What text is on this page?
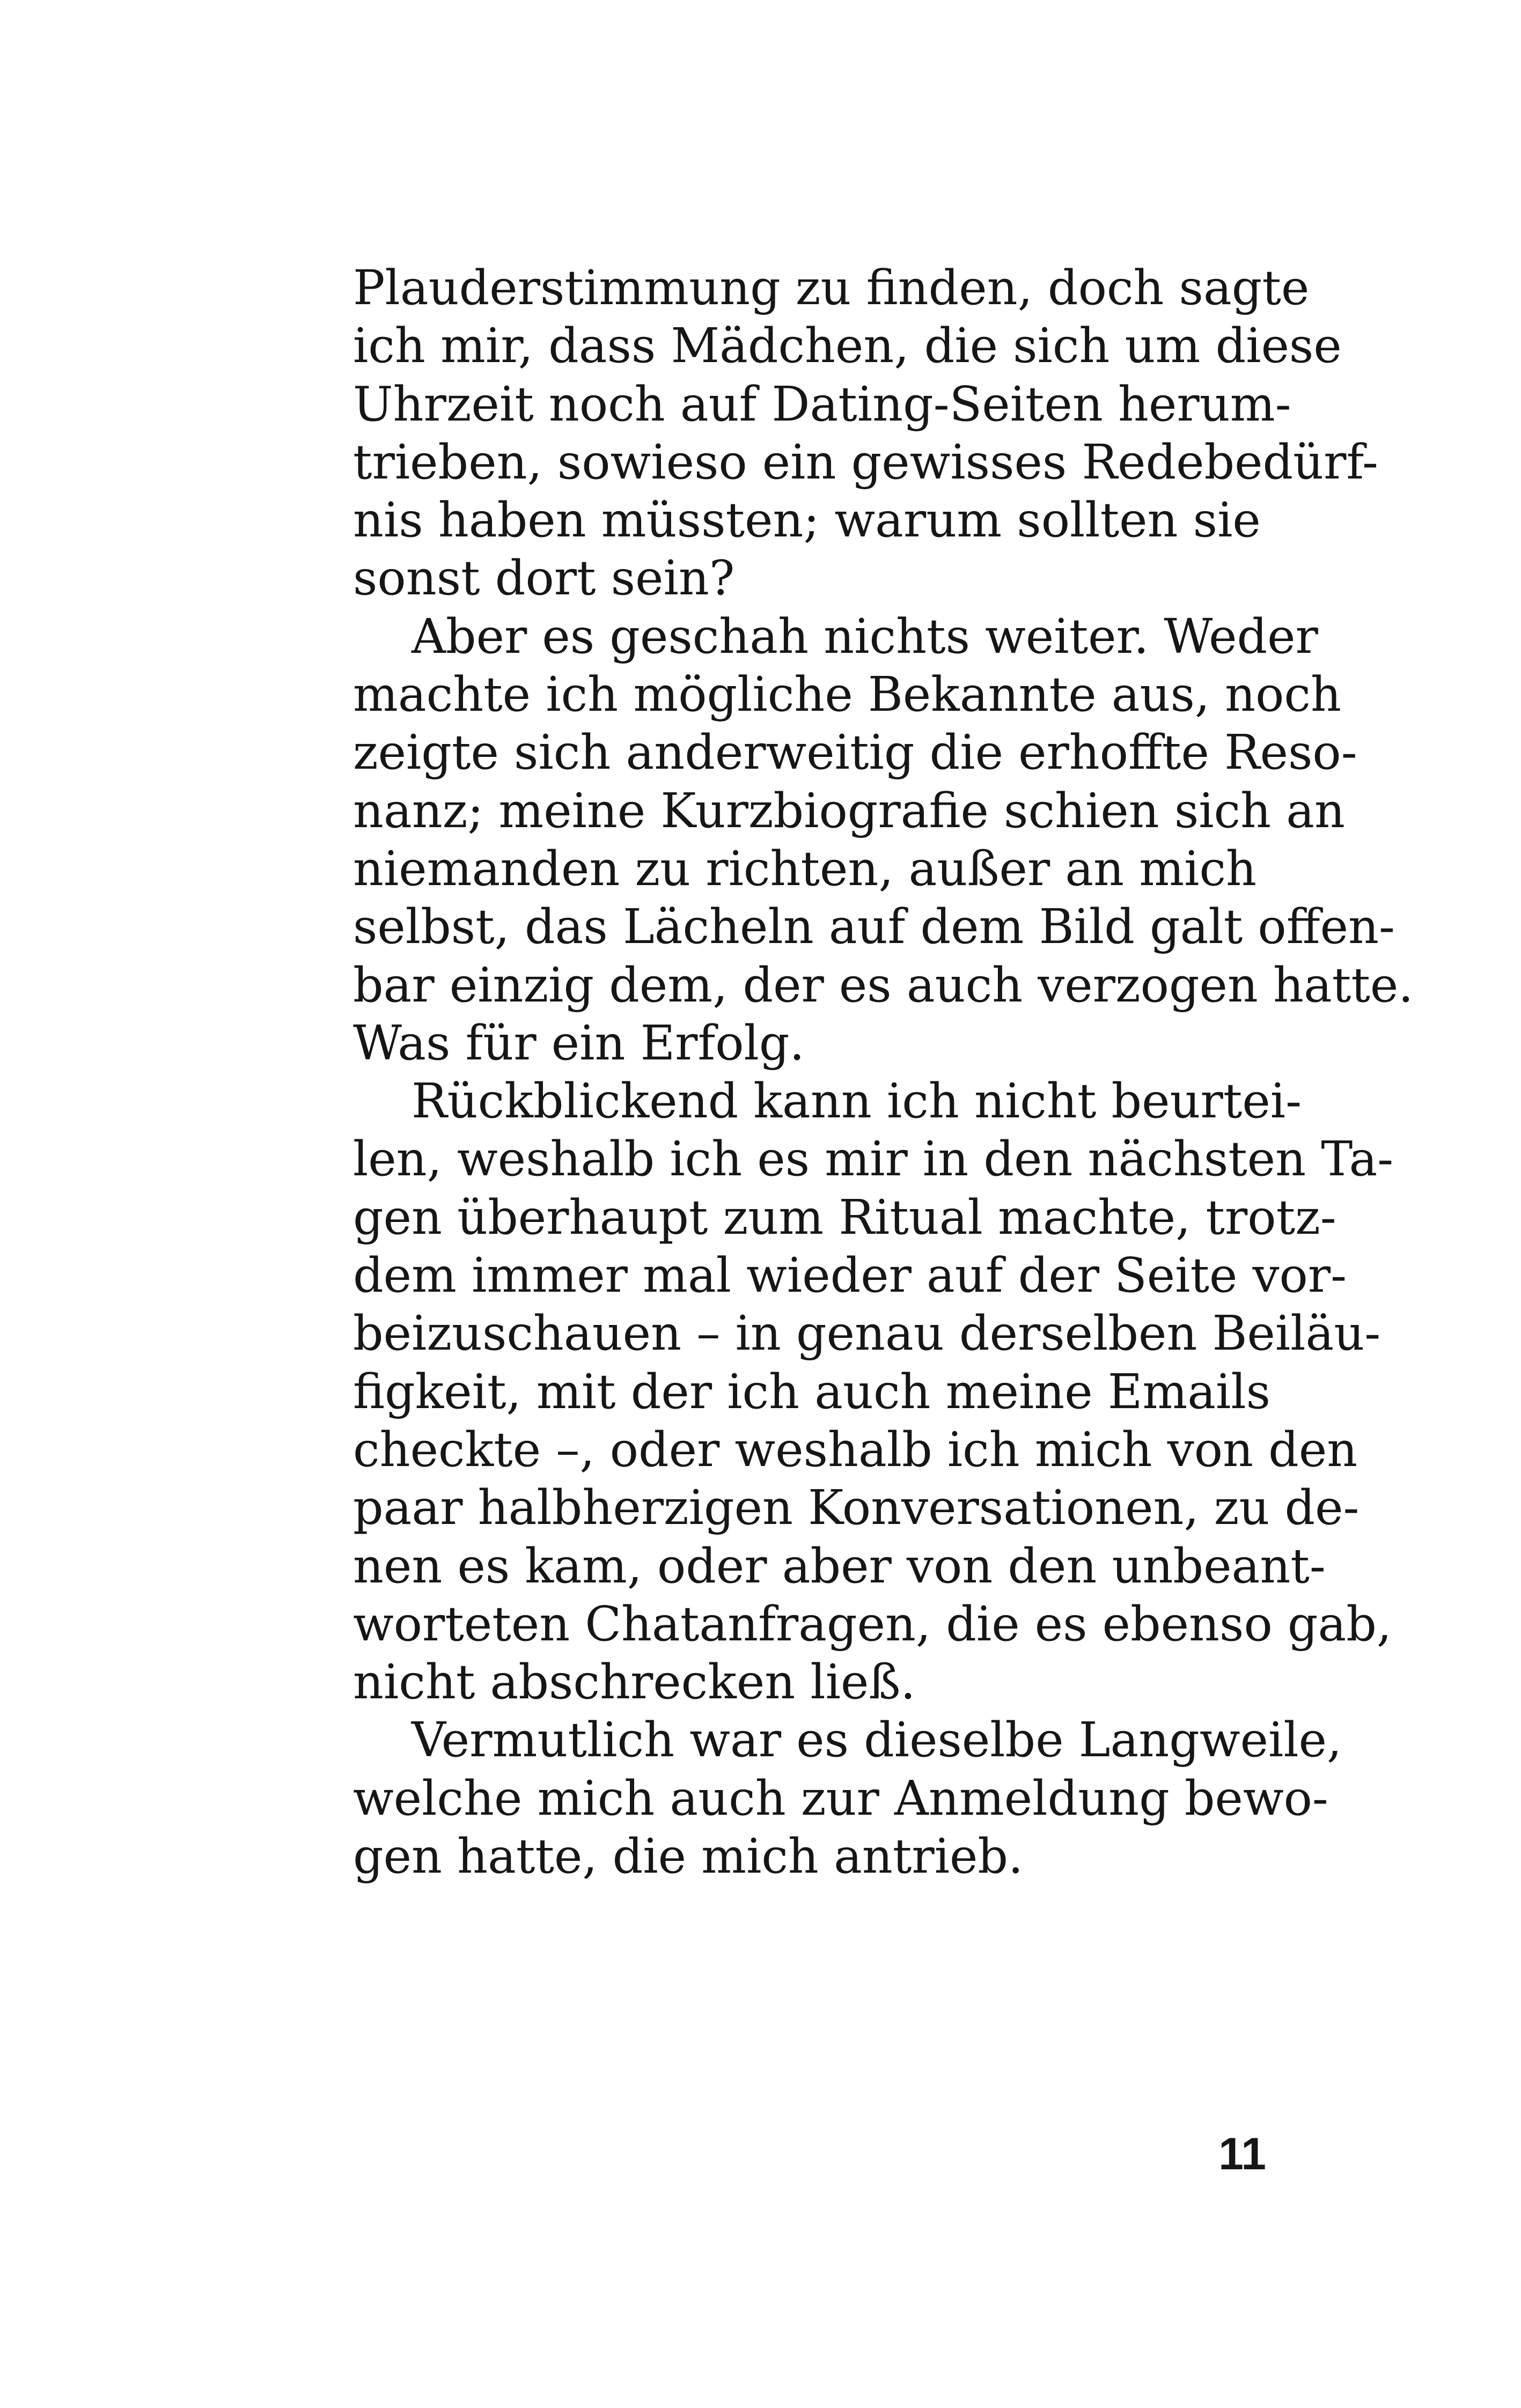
Plauderstimmung zu finden, doch sagte
ich mir, dass Mädchen, die sich um diese
Uhrzeit noch auf Dating-Seiten herum-
trieben, sowieso ein gewisses Redebedürf-
nis haben müssten; warum sollten sie
sonst dort sein?
Aber es geschah nichts weiter. Weder
machte ich mögliche Bekannte aus, noch
zeigte sich anderweitig die erhoffte Reso-
nanz; meine Kurzbiografie schien sich an
niemanden zu richten, außer an mich
selbst, das Lächeln auf dem Bild galt offen-
bar einzig dem, der es auch verzogen hatte.
Was für ein Erfolg.
Rückblickend kann ich nicht beurtei-
len, weshalb ich es mir in den nächsten Ta-
gen überhaupt zum Ritual machte, trotz-
dem immer mal wieder auf der Seite vor-
beizuschauen – in genau derselben Beiläu-
figkeit, mit der ich auch meine Emails
checkte –, oder weshalb ich mich von den
paar halbherzigen Konversationen, zu de-
nen es kam, oder aber von den unbeant-
worteten Chatanfragen, die es ebenso gab,
nicht abschrecken ließ.
Vermutlich war es dieselbe Langweile,
welche mich auch zur Anmeldung bewo-
gen hatte, die mich antrieb.
11
